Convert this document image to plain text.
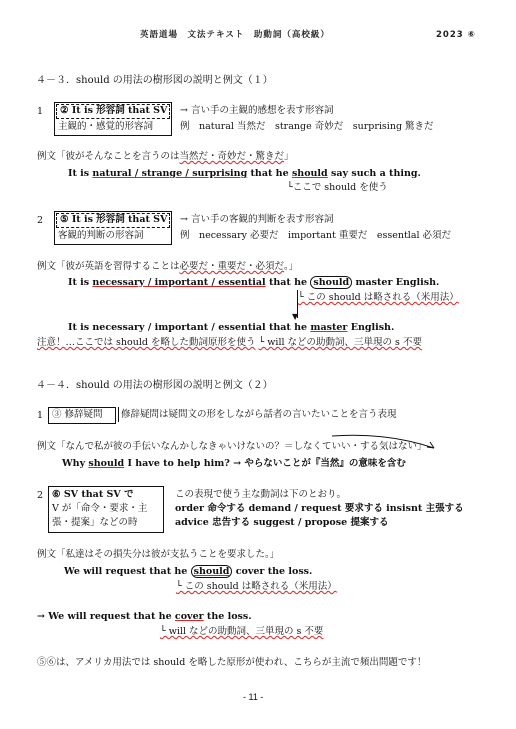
英語道場　文法テキスト　助動詞（高校級）	2023 ⑥
４－３．should の用法の樹形図の説明と例文（１）
1 ② It is 形容詞 that SV
主観的・感覚的形容詞
→ 言い手の主観的感想を表す形容詞
例　natural 当然だ　strange 奇妙だ　surprising 驚きだ
例文「彼がそんなことを言うのは当然だ・奇妙だ・驚きだ」
It is natural / strange / surprising that he should say such a thing.
└ここで should を使う
2 ⑤ It is 形容詞 that SV
客観的判断の形容詞
→ 言い手の客観的判断を表す形容詞
例　necessary 必要だ　important 重要だ　essentlal 必須だ
例文「彼が英語を習得することは必要だ・重要だ・必須だ。」
It is necessary / important / essential that he should master English.
└ この should は略される（米用法）
▼
It is necessary / important / essential that he master English.
注意！…ここでは should を略した動詞原形を使う └ will などの助動詞、三単現の s 不要
４－４．should の用法の樹形図の説明と例文（２）
1 ③ 修辞疑問 修辞疑問は疑問文の形をしながら話者の言いたいことを言う表現
例文「なんで私が彼の手伝いなんかしなきゃいけないの？＝しなくていい・する気はない」
Why should I have to help him? → やらないことが『当然』の意味を含む
2 ⑥ SV that SV で
V が「命令・要求・主
張・提案」などの時
この表現で使う主な動詞は下のとおり。
order 命令する demand / request 要求する insisnt 主張する
advice 忠告する suggest / propose 提案する
例文「私達はその損失分は彼が支払うことを要求した。」
We will request that he should cover the loss.
└ この should は略される（米用法）
→ We will request that he cover the loss.
└ will などの助動詞、三単現の s 不要
⑤⑥は、アメリカ用法では should を略した原形が使われ、こちらが主流で頻出問題です！
- 11 -
